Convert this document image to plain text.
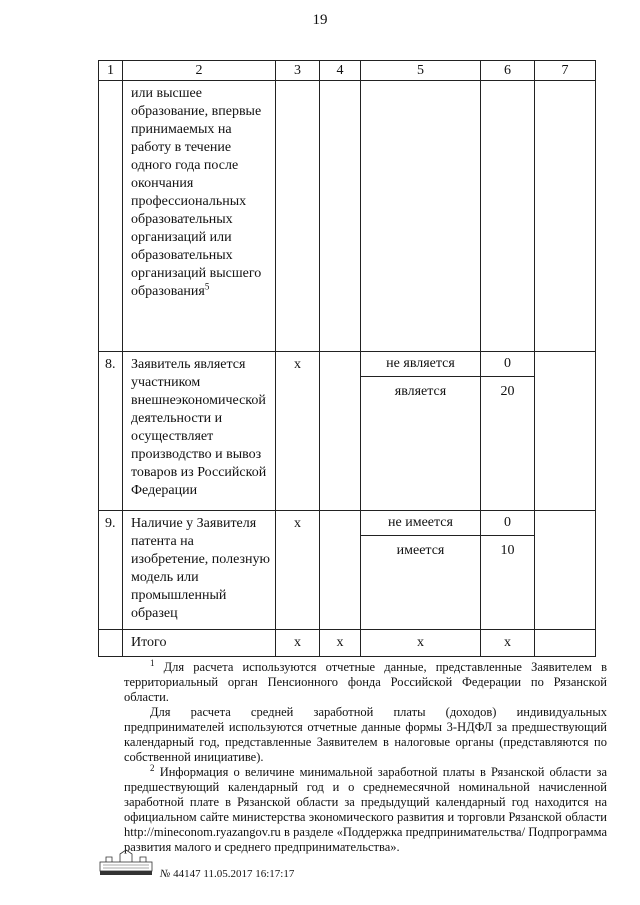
19
1	2	3	4	5	6	7
	или высшее образование, впервые принимаемых на работу в течение одного года после окончания профессиональных образовательных организаций или образовательных организаций высшего образования$^5$					
8.	Заявитель является участником внешнеэкономической деятельности и осуществляет производство и вывоз товаров из Российской Федерации	x		не является	0	
				является	20	
9.	Наличие у Заявителя патента на изобретение, полезную модель или промышленный образец	x		не имеется	0	
				имеется	10	
	Итого	x	x	x	x	

$^1$ Для расчета используются отчетные данные, представленные Заявителем в территориальный орган Пенсионного фонда Российской Федерации по Рязанской области.

Для расчета средней заработной платы (доходов) индивидуальных предпринимателей используются отчетные данные формы 3-НДФЛ за предшествующий календарный год, представленные Заявителем в налоговые органы (представляются по собственной инициативе).

$^2$ Информация о величине минимальной заработной платы в Рязанской области за предшествующий календарный год и о среднемесячной номинальной начисленной заработной плате в Рязанской области за предыдущий календарный год находится на официальном сайте министерства экономического развития и торговли Рязанской области http://mineconom.ryazangov.ru в разделе «Поддержка предпринимательства/ Подпрограмма развития малого и среднего предпринимательства».

№ 44147 11.05.2017 16:17:17
